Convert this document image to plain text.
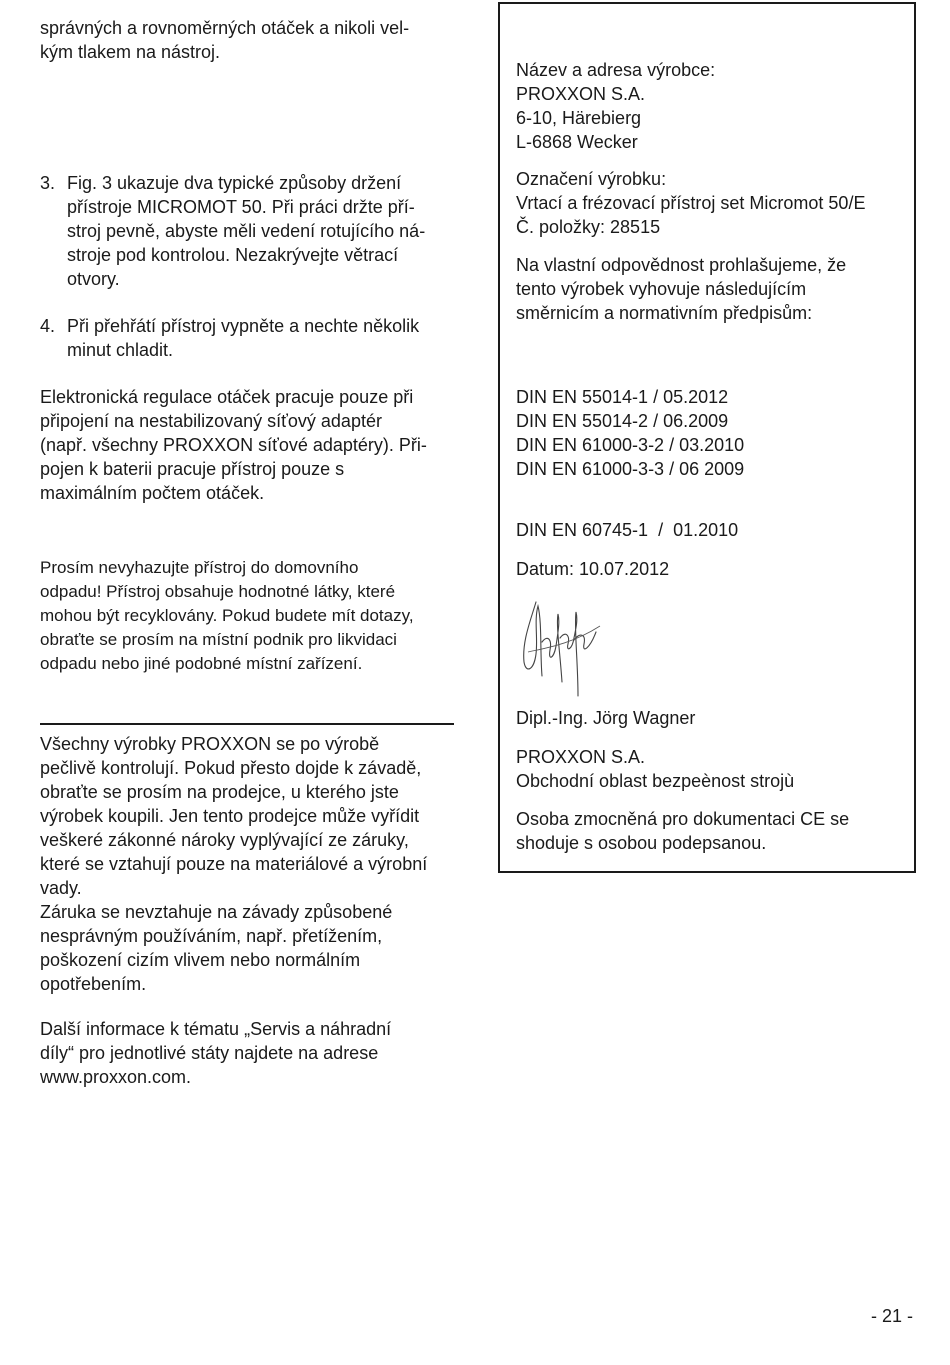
správných a rovnoměrných otáček a nikoli vel-
kým tlakem na nástroj.
3. Fig. 3 ukazuje dva typické způsoby držení
přístroje MICROMOT 50. Při práci držte pří-
stroj pevně, abyste měli vedení rotujícího ná-
stroje pod kontrolou. Nezakrývejte větrací
otvory.
4. Při přehřátí přístroj vypněte a nechte několik
minut chladit.
Elektronická regulace otáček pracuje pouze při
připojení na nestabilizovaný síťový adaptér
(např. všechny PROXXON síťové adaptéry). Při-
pojen k baterii pracuje přístroj pouze s
maximálním počtem otáček.
Prosím nevyhazujte přístroj do domovního
odpadu! Přístroj obsahuje hodnotné látky, které
mohou být recyklovány. Pokud budete mít dotazy,
obraťte se prosím na místní podnik pro likvidaci
odpadu nebo jiné podobné místní zařízení.
Všechny výrobky PROXXON se po výrobě
pečlivě kontrolují. Pokud přesto dojde k závadě,
obraťte se prosím na prodejce, u kterého jste
výrobek koupili. Jen tento prodejce může vyřídit
veškeré zákonné nároky vyplývající ze záruky,
které se vztahují pouze na materiálové a výrobní
vady.
Záruka se nevztahuje na závady způsobené
nesprávným používáním, např. přetížením,
poškození cizím vlivem nebo normálním
opotřebením.
Další informace k tématu „Servis a náhradní
díly“ pro jednotlivé státy najdete na adrese
www.proxxon.com.
Název a adresa výrobce:
PROXXON S.A.
6-10, Härebierg
L-6868 Wecker
Označení výrobku:
Vrtací a frézovací přístroj set Micromot 50/E
Č. položky: 28515
Na vlastní odpovědnost prohlašujeme, že
tento výrobek vyhovuje následujícím
směrnicím a normativním předpisům:
DIN EN 55014-1 / 05.2012
DIN EN 55014-2 / 06.2009
DIN EN 61000-3-2 / 03.2010
DIN EN 61000-3-3 / 06 2009
DIN EN 60745-1  /  01.2010
Datum: 10.07.2012
Dipl.-Ing. Jörg Wagner
PROXXON S.A.
Obchodní oblast bezpeènost strojù
Osoba zmocněná pro dokumentaci CE se
shoduje s osobou podepsanou.
- 21 -
